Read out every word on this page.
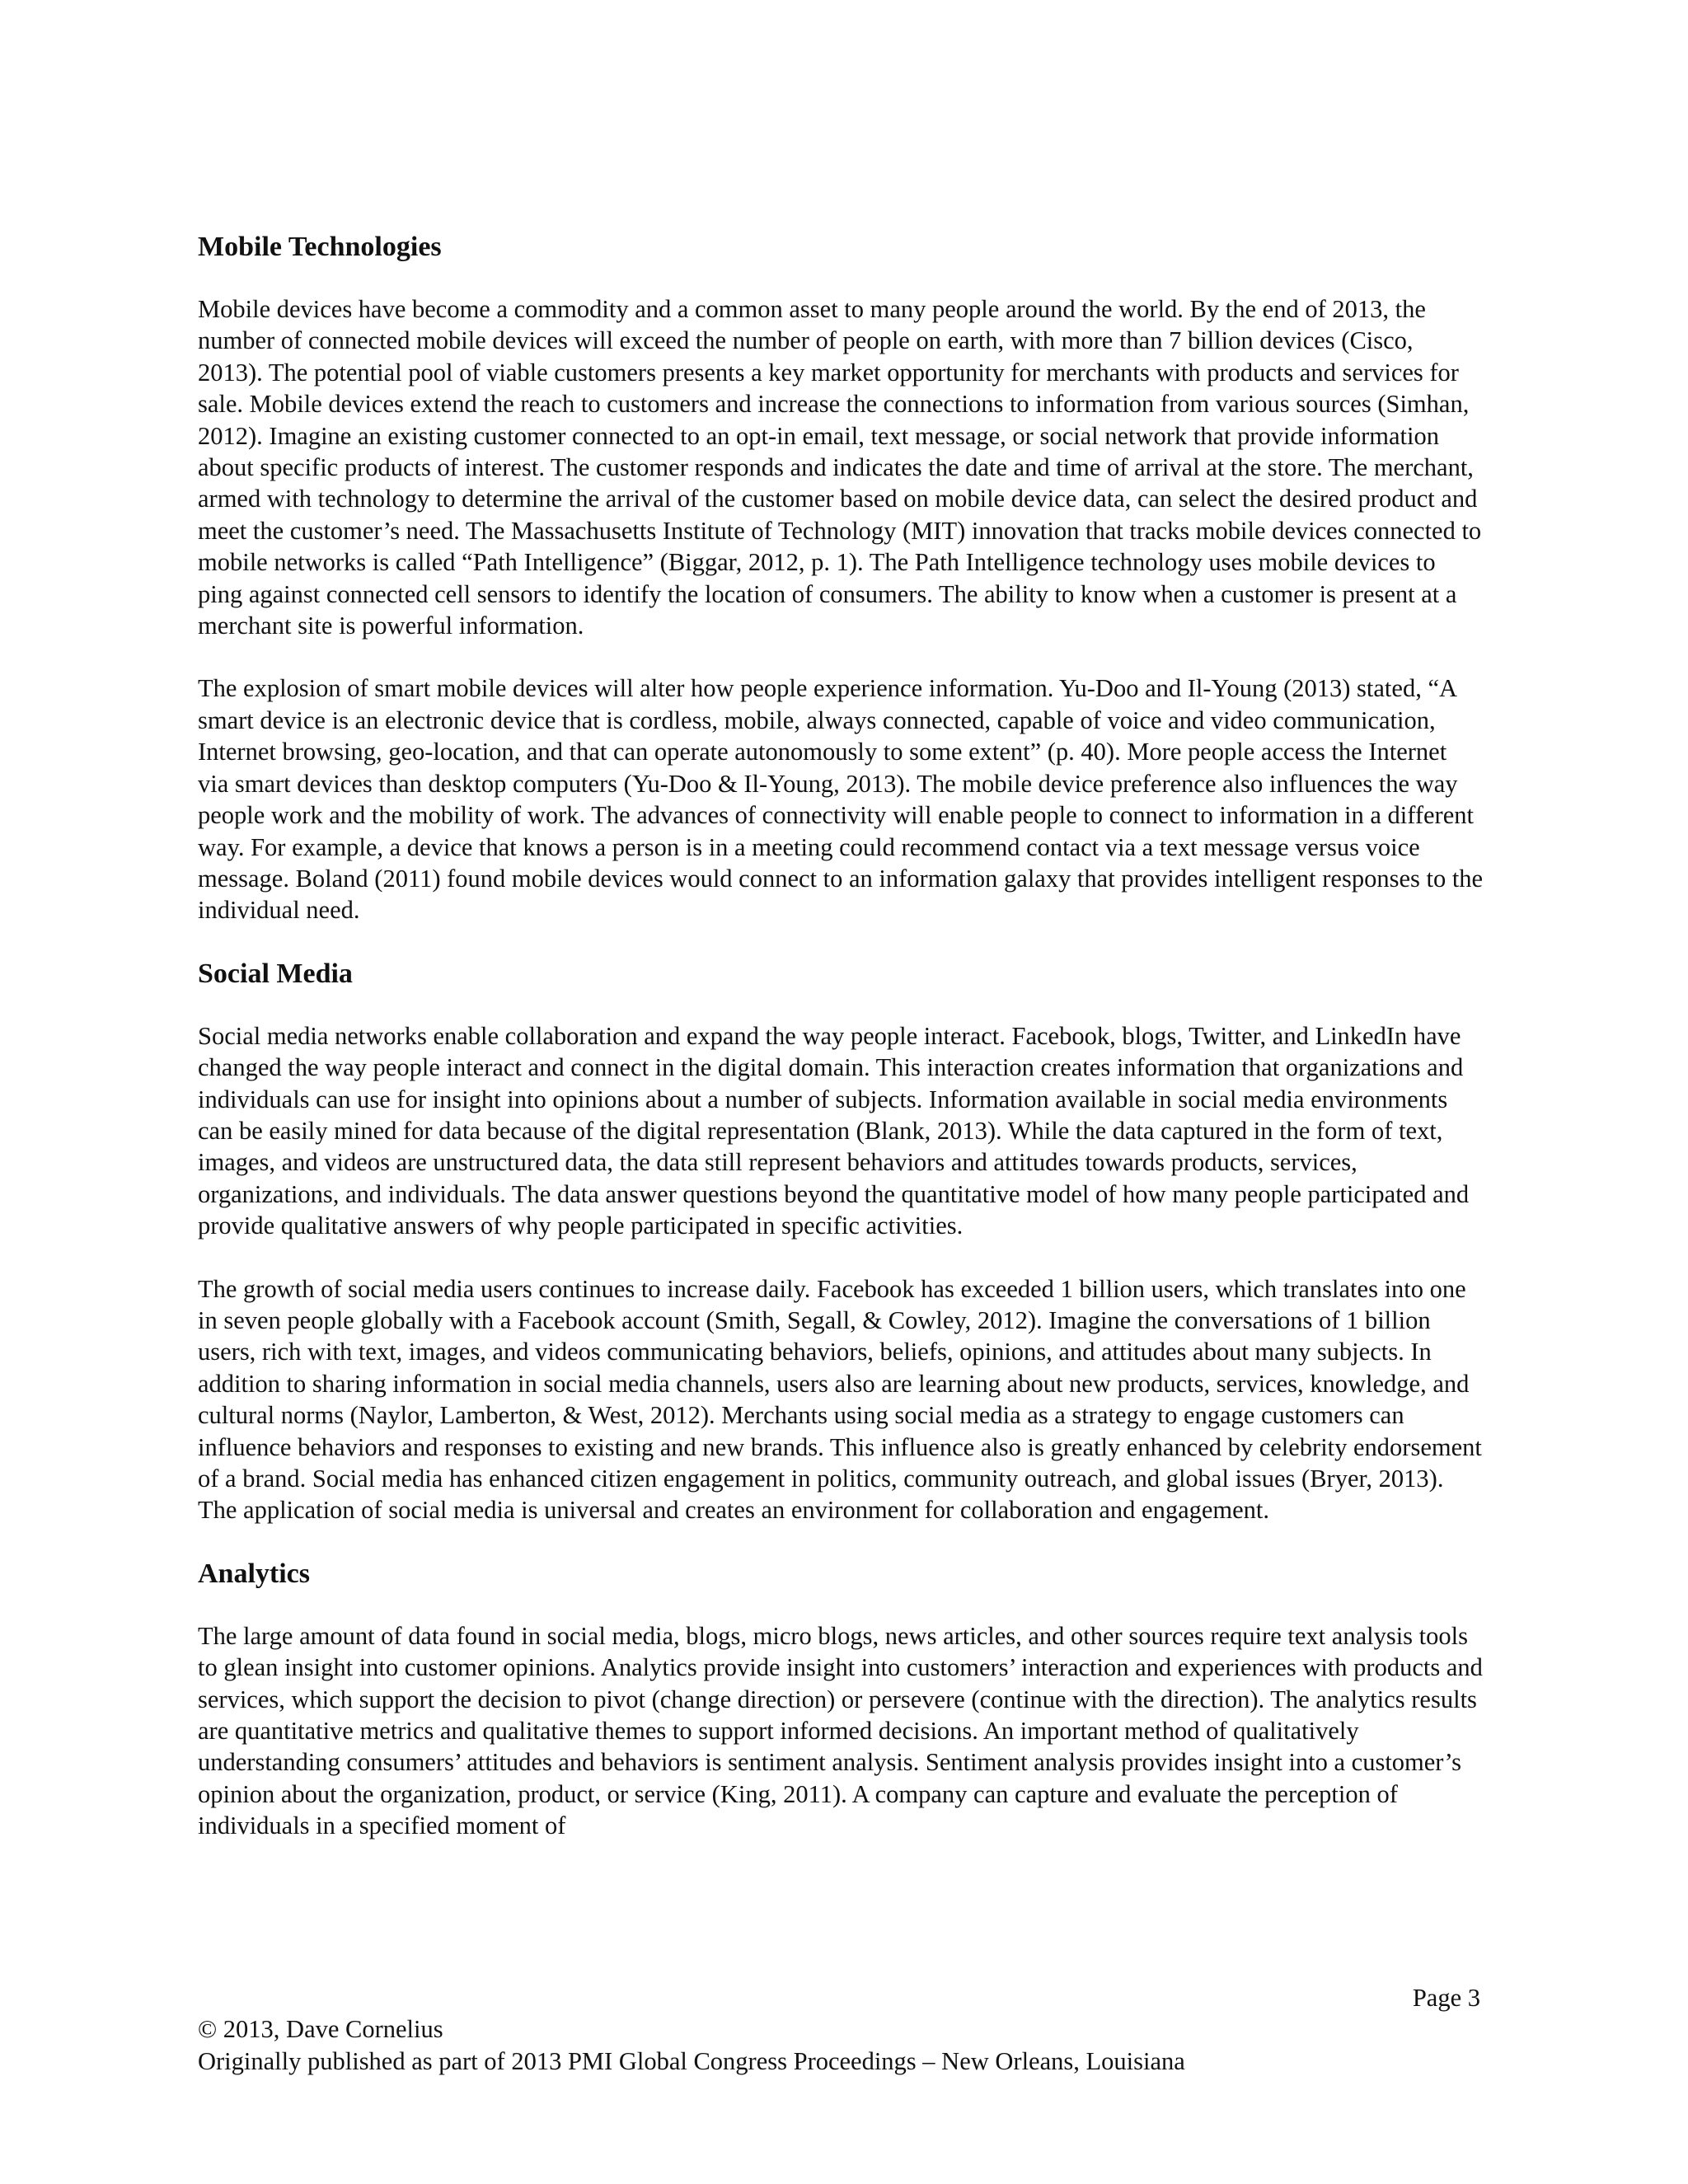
Mobile Technologies

Mobile devices have become a commodity and a common asset to many people around the world. By the end of 2013, the number of connected mobile devices will exceed the number of people on earth, with more than 7 billion devices (Cisco, 2013). The potential pool of viable customers presents a key market opportunity for merchants with products and services for sale. Mobile devices extend the reach to customers and increase the connections to information from various sources (Simhan, 2012). Imagine an existing customer connected to an opt-in email, text message, or social network that provide information about specific products of interest. The customer responds and indicates the date and time of arrival at the store. The merchant, armed with technology to determine the arrival of the customer based on mobile device data, can select the desired product and meet the customer’s need. The Massachusetts Institute of Technology (MIT) innovation that tracks mobile devices connected to mobile networks is called “Path Intelligence” (Biggar, 2012, p. 1). The Path Intelligence technology uses mobile devices to ping against connected cell sensors to identify the location of consumers. The ability to know when a customer is present at a merchant site is powerful information.

The explosion of smart mobile devices will alter how people experience information. Yu-Doo and Il-Young (2013) stated, “A smart device is an electronic device that is cordless, mobile, always connected, capable of voice and video communication, Internet browsing, geo-location, and that can operate autonomously to some extent” (p. 40). More people access the Internet via smart devices than desktop computers (Yu-Doo & Il-Young, 2013). The mobile device preference also influences the way people work and the mobility of work. The advances of connectivity will enable people to connect to information in a different way. For example, a device that knows a person is in a meeting could recommend contact via a text message versus voice message. Boland (2011) found mobile devices would connect to an information galaxy that provides intelligent responses to the individual need.

Social Media

Social media networks enable collaboration and expand the way people interact. Facebook, blogs, Twitter, and LinkedIn have changed the way people interact and connect in the digital domain. This interaction creates information that organizations and individuals can use for insight into opinions about a number of subjects. Information available in social media environments can be easily mined for data because of the digital representation (Blank, 2013). While the data captured in the form of text, images, and videos are unstructured data, the data still represent behaviors and attitudes towards products, services, organizations, and individuals. The data answer questions beyond the quantitative model of how many people participated and provide qualitative answers of why people participated in specific activities.

The growth of social media users continues to increase daily. Facebook has exceeded 1 billion users, which translates into one in seven people globally with a Facebook account (Smith, Segall, & Cowley, 2012). Imagine the conversations of 1 billion users, rich with text, images, and videos communicating behaviors, beliefs, opinions, and attitudes about many subjects. In addition to sharing information in social media channels, users also are learning about new products, services, knowledge, and cultural norms (Naylor, Lamberton, & West, 2012). Merchants using social media as a strategy to engage customers can influence behaviors and responses to existing and new brands. This influence also is greatly enhanced by celebrity endorsement of a brand. Social media has enhanced citizen engagement in politics, community outreach, and global issues (Bryer, 2013). The application of social media is universal and creates an environment for collaboration and engagement.

Analytics

The large amount of data found in social media, blogs, micro blogs, news articles, and other sources require text analysis tools to glean insight into customer opinions. Analytics provide insight into customers’ interaction and experiences with products and services, which support the decision to pivot (change direction) or persevere (continue with the direction). The analytics results are quantitative metrics and qualitative themes to support informed decisions. An important method of qualitatively understanding consumers’ attitudes and behaviors is sentiment analysis. Sentiment analysis provides insight into a customer’s opinion about the organization, product, or service (King, 2011). A company can capture and evaluate the perception of individuals in a specified moment of

Page 3
© 2013, Dave Cornelius
Originally published as part of 2013 PMI Global Congress Proceedings – New Orleans, Louisiana
